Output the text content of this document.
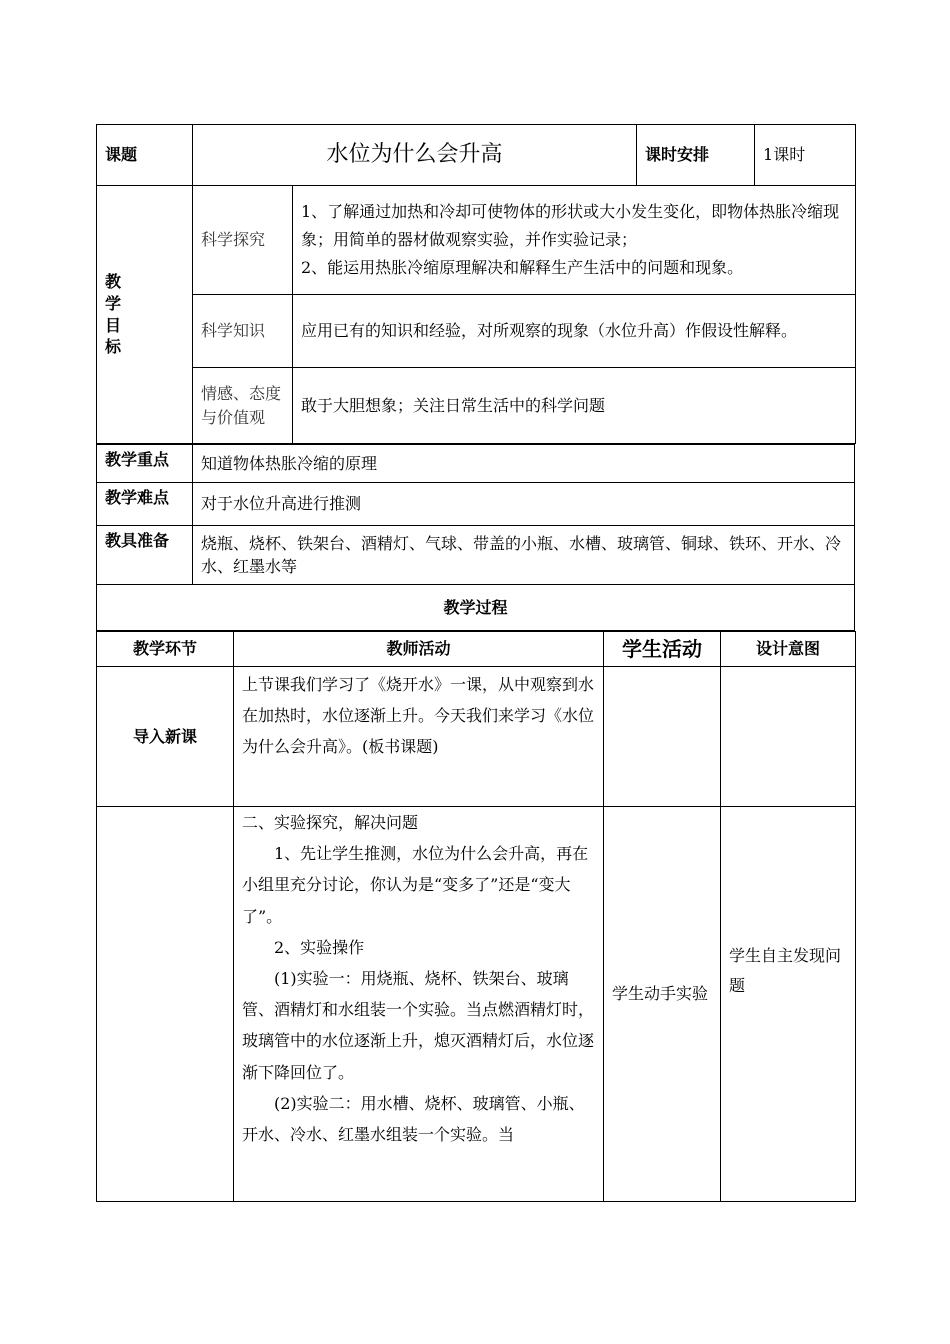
课题	水位为什么会升高		课时安排	1课时

教学目标	科学探究	1、了解通过加热和冷却可使物体的形状或大小发生变化，即物体热胀冷缩现象；用简单的器材做观察实验，并作实验记录；
2、能运用热胀冷缩原理解决和解释生产生活中的问题和现象。		
	科学知识	应用已有的知识和经验，对所观察的现象（水位升高）作假设性解释。		
	情感、态度与价值观	敢于大胆想象；关注日常生活中的科学问题		
教学重点	知道物体热胀冷缩的原理
教学难点	对于水位升高进行推测
教具准备	烧瓶、烧杯、铁架台、酒精灯、气球、带盖的小瓶、水槽、玻璃管、铜球、铁环、开水、冷水、红墨水等
教学过程	
教学环节	教师活动	学生活动	设计意图
导入新课	上节课我们学习了《烧开水》一课，从中观察到水在加热时，水位逐渐上升。今天我们来学习《水位为什么会升高》。(板书课题)		

	二、实验探究，解决问题

1、先让学生推测，水位为什么会升高，再在小组里充分讨论，你认为是“变多了”还是“变大了”。

2、实验操作

(1)实验一：用烧瓶、烧杯、铁架台、玻璃管、酒精灯和水组装一个实验。当点燃酒精灯时，玻璃管中的水位逐渐上升，熄灭酒精灯后，水位逐渐下降回位了。

(2)实验二：用水槽、烧杯、玻璃管、小瓶、开水、冷水、红墨水组装一个实验。当	学生动手实验	学生自主发现问题
